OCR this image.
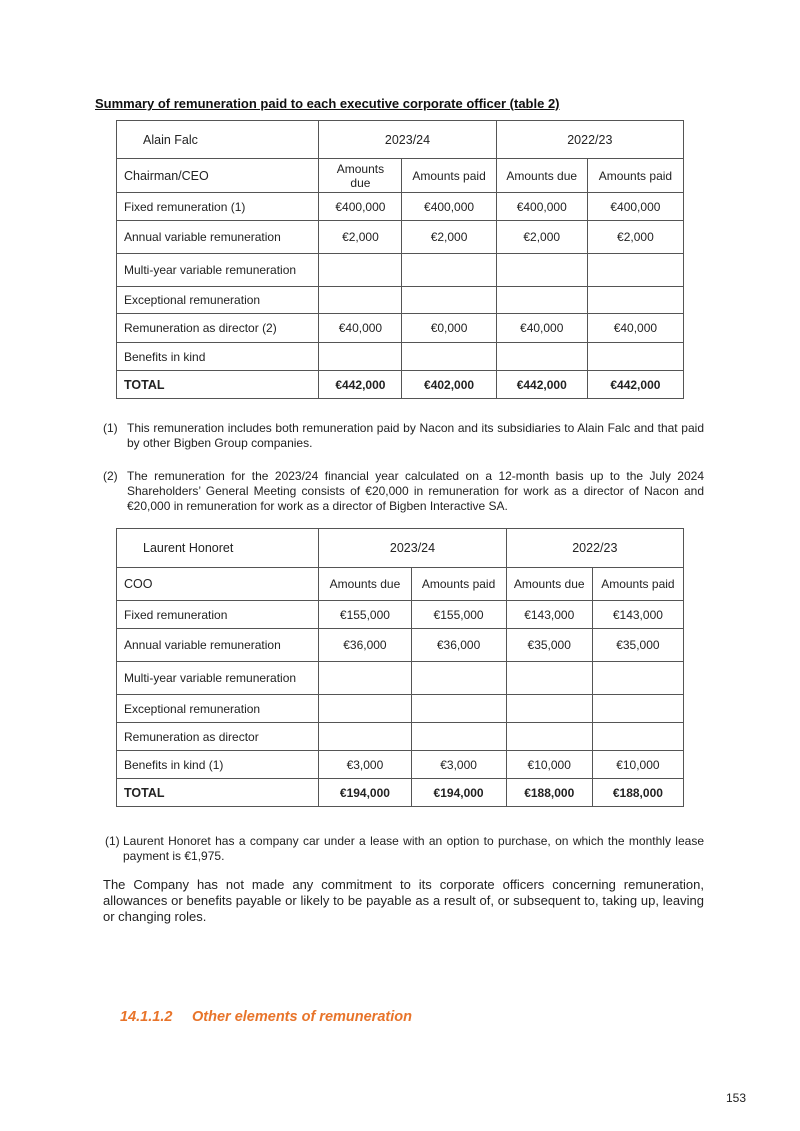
Summary of remuneration paid to each executive corporate officer (table 2)
Alain Falc	2023/24		2022/23	
Chairman/CEO	Amounts due	Amounts paid	Amounts due	Amounts paid
Fixed remuneration (1)	€400,000	€400,000	€400,000	€400,000
Annual variable remuneration	€2,000	€2,000	€2,000	€2,000
Multi-year variable remuneration				
Exceptional remuneration				
Remuneration as director (2)	€40,000	€0,000	€40,000	€40,000
Benefits in kind				
TOTAL	€442,000	€402,000	€442,000	€442,000
(1) This remuneration includes both remuneration paid by Nacon and its subsidiaries to Alain Falc and that paid by other Bigben Group companies.
(2) The remuneration for the 2023/24 financial year calculated on a 12-month basis up to the July 2024 Shareholders’ General Meeting consists of €20,000 in remuneration for work as a director of Nacon and €20,000 in remuneration for work as a director of Bigben Interactive SA.
Laurent Honoret	2023/24		2022/23	
COO	Amounts due	Amounts paid	Amounts due	Amounts paid
Fixed remuneration	€155,000	€155,000	€143,000	€143,000
Annual variable remuneration	€36,000	€36,000	€35,000	€35,000
Multi-year variable remuneration				
Exceptional remuneration				
Remuneration as director				
Benefits in kind (1)	€3,000	€3,000	€10,000	€10,000
TOTAL	€194,000	€194,000	€188,000	€188,000
(1) Laurent Honoret has a company car under a lease with an option to purchase, on which the monthly lease payment is €1,975.

The Company has not made any commitment to its corporate officers concerning remuneration, allowances or benefits payable or likely to be payable as a result of, or subsequent to, taking up, leaving or changing roles.

14.1.1.2 Other elements of remuneration
153
